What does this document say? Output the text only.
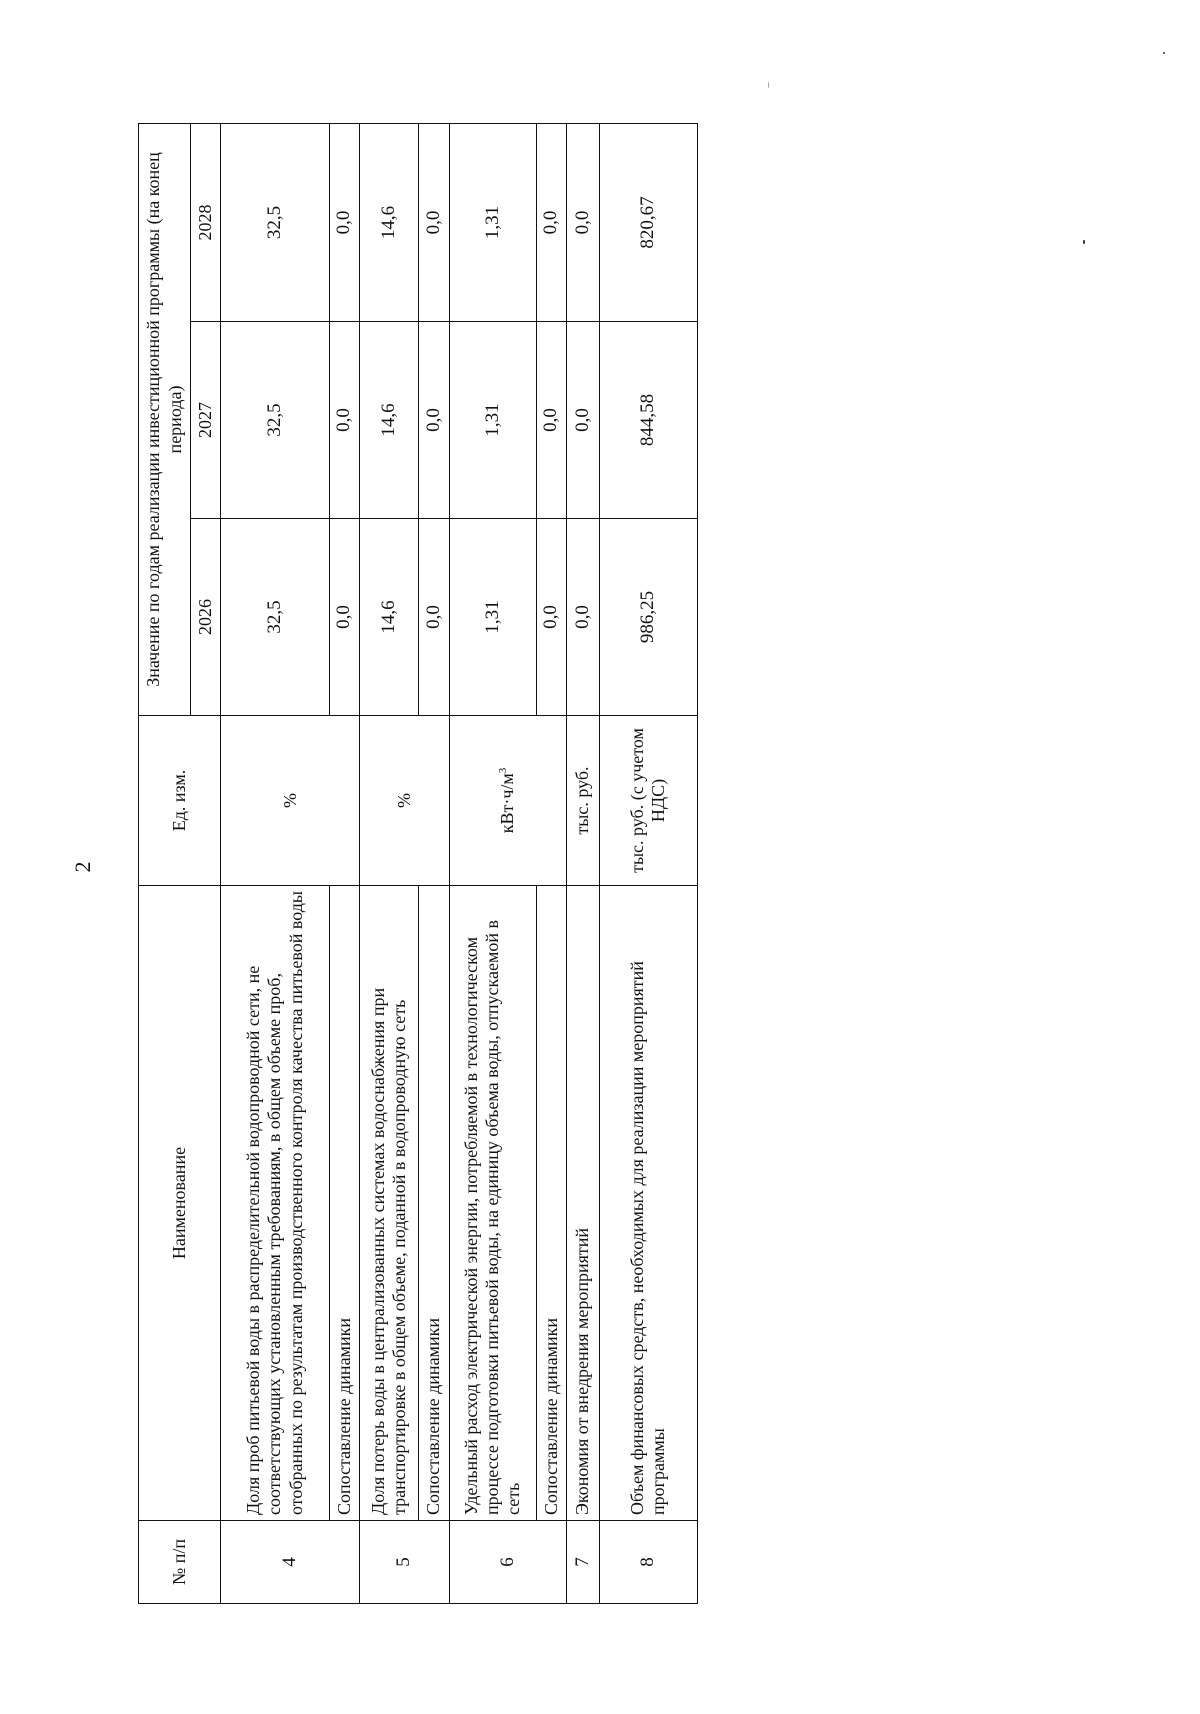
2
№ п/п	Наименование	Ед. изм.	Значение по годам реализации инвестиционной программы (на конец периода)		
			2026	2027	2028
4	Доля проб питьевой воды в распределительной водопроводной сети, не соответствующих установленным требованиям, в общем объеме проб, отобранных по результатам производственного контроля качества питьевой воды	%	32,5	32,5	32,5
	Сопоставление динамики		0,0	0,0	0,0
5	Доля потерь воды в централизованных системах водоснабжения при транспортировке в общем объеме, поданной в водопроводную сеть	%	14,6	14,6	14,6
	Сопоставление динамики		0,0	0,0	0,0
6	Удельный расход электрической энергии, потребляемой в технологическом процессе подготовки питьевой воды, на единицу объема воды, отпускаемой в сеть	$кВт\cdot ч/м^3$	1,31	1,31	1,31
	Сопоставление динамики		0,0	0,0	0,0
7	Экономия от внедрения мероприятий	тыс. руб.	0,0	0,0	0,0
8	Объем финансовых средств, необходимых для реализации мероприятий программы	тыс. руб. (с учетом НДС)	986,25	844,58	820,67
